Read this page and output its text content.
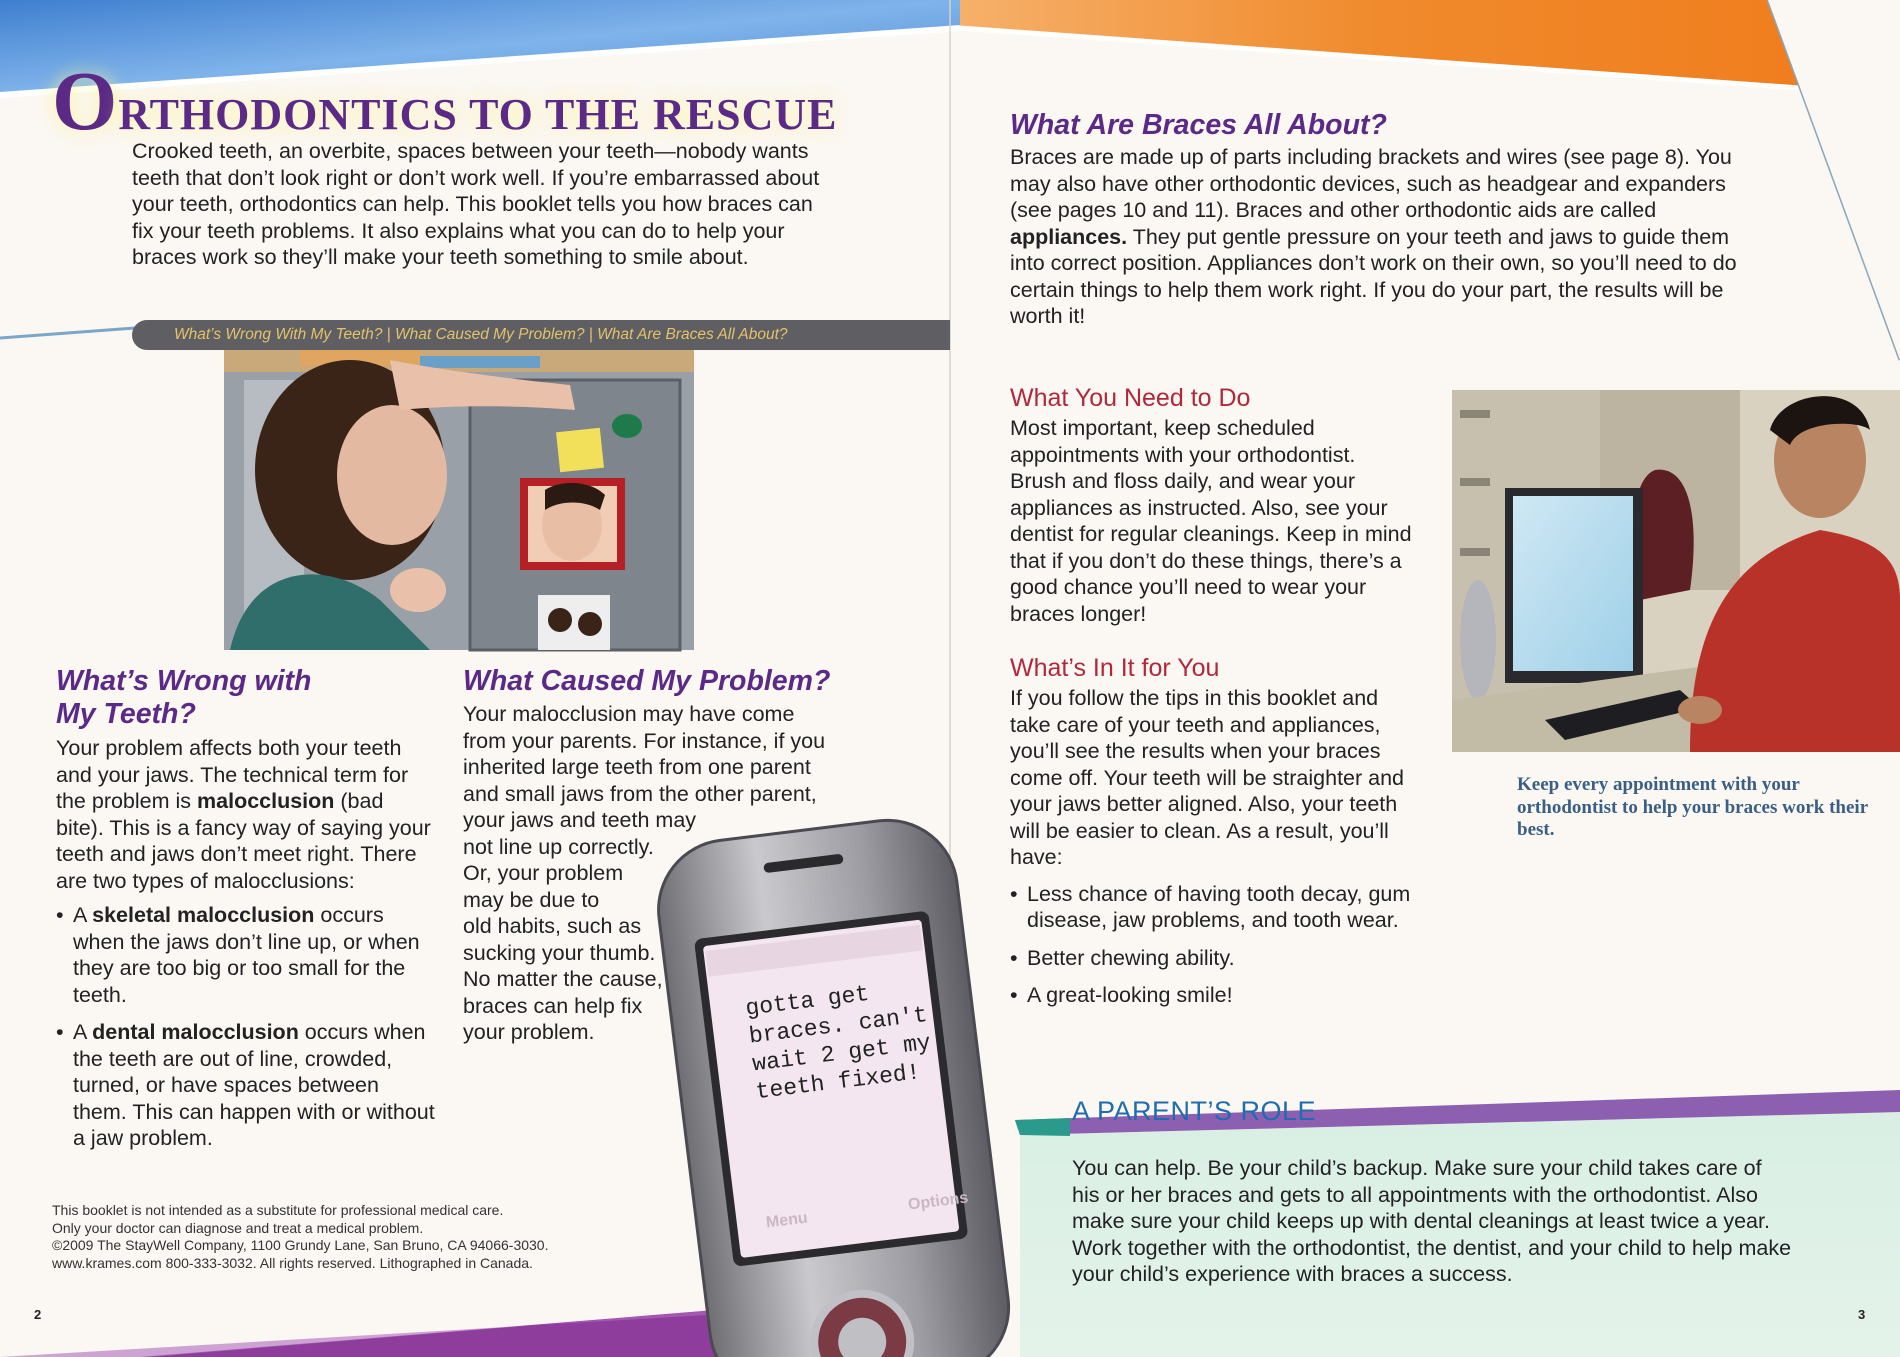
ORTHODONTICS TO THE RESCUE
Crooked teeth, an overbite, spaces between your teeth—nobody wants teeth that don’t look right or don’t work well. If you’re embarrassed about your teeth, orthodontics can help. This booklet tells you how braces can fix your teeth problems. It also explains what you can do to help your braces work so they’ll make your teeth something to smile about.
What’s Wrong With My Teeth? | What Caused My Problem? | What Are Braces All About?
What’s Wrong with
My Teeth?
Your problem affects both your teeth and your jaws. The technical term for the problem is malocclusion (bad bite). This is a fancy way of saying your teeth and jaws don’t meet right. There are two types of malocclusions:
• A skeletal malocclusion occurs when the jaws don’t line up, or when they are too big or too small for the teeth.
• A dental malocclusion occurs when the teeth are out of line, crowded, turned, or have spaces between them. This can happen with or without a jaw problem.
What Caused My Problem?
Your malocclusion may have come
from your parents. For instance, if you
inherited large teeth from one parent
and small jaws from the other parent,
your jaws and teeth may
not line up correctly.
Or, your problem
may be due to
old habits, such as
sucking your thumb.
No matter the cause,
braces can help fix
your problem.
gotta get
braces. can't
wait 2 get my
teeth fixed!
Menu
Options
This booklet is not intended as a substitute for professional medical care.
Only your doctor can diagnose and treat a medical problem.
©2009 The StayWell Company, 1100 Grundy Lane, San Bruno, CA 94066-3030.
www.krames.com 800-333-3032. All rights reserved. Lithographed in Canada.
2	3
What Are Braces All About?
Braces are made up of parts including brackets and wires (see page 8). You may also have other orthodontic devices, such as headgear and expanders (see pages 10 and 11). Braces and other orthodontic aids are called appliances. They put gentle pressure on your teeth and jaws to guide them into correct position. Appliances don’t work on their own, so you’ll need to do certain things to help them work right. If you do your part, the results will be worth it!
What You Need to Do
Most important, keep scheduled appointments with your orthodontist. Brush and floss daily, and wear your appliances as instructed. Also, see your dentist for regular cleanings. Keep in mind that if you don’t do these things, there’s a good chance you’ll need to wear your braces longer!
What’s In It for You
If you follow the tips in this booklet and take care of your teeth and appliances, you’ll see the results when your braces come off. Your teeth will be straighter and your jaws better aligned. Also, your teeth will be easier to clean. As a result, you’ll have:
• Less chance of having tooth decay, gum disease, jaw problems, and tooth wear.
• Better chewing ability.
• A great-looking smile!
Keep every appointment with your orthodontist to help your braces work their best.
A PARENT’S ROLE
You can help. Be your child’s backup. Make sure your child takes care of his or her braces and gets to all appointments with the orthodontist. Also make sure your child keeps up with dental cleanings at least twice a year. Work together with the orthodontist, the dentist, and your child to help make your child’s experience with braces a success.
